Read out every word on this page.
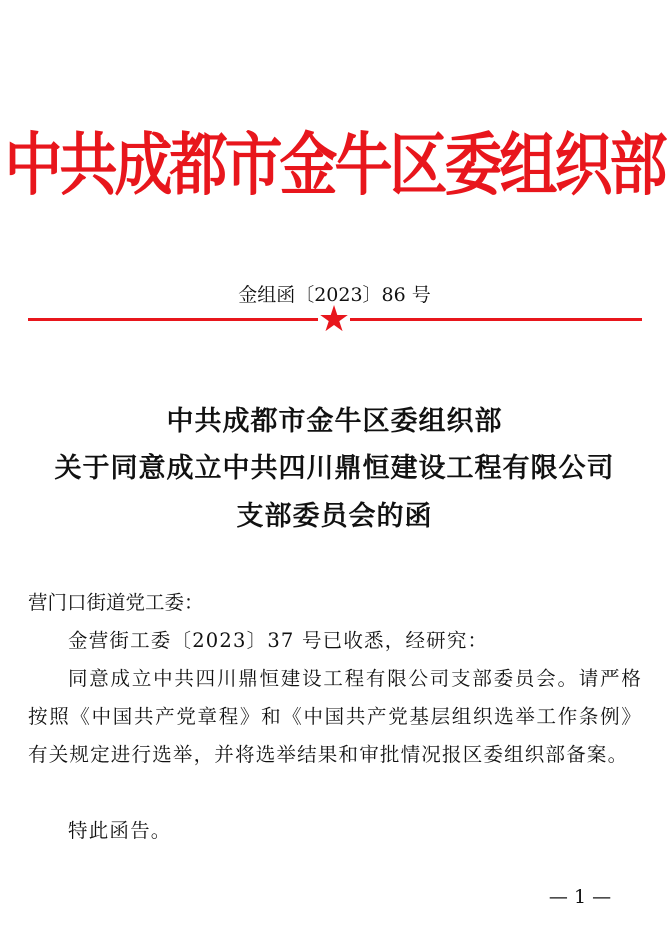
中共成都市金牛区委组织部
金组函〔2023〕86 号
★
中共成都市金牛区委组织部
关于同意成立中共四川鼎恒建设工程有限公司
支部委员会的函
营门口街道党工委：
金营街工委〔2023〕37 号已收悉，经研究：
同意成立中共四川鼎恒建设工程有限公司支部委员会。请严格按照《中国共产党章程》和《中国共产党基层组织选举工作条例》有关规定进行选举，并将选举结果和审批情况报区委组织部备案。
特此函告。
— 1 —
